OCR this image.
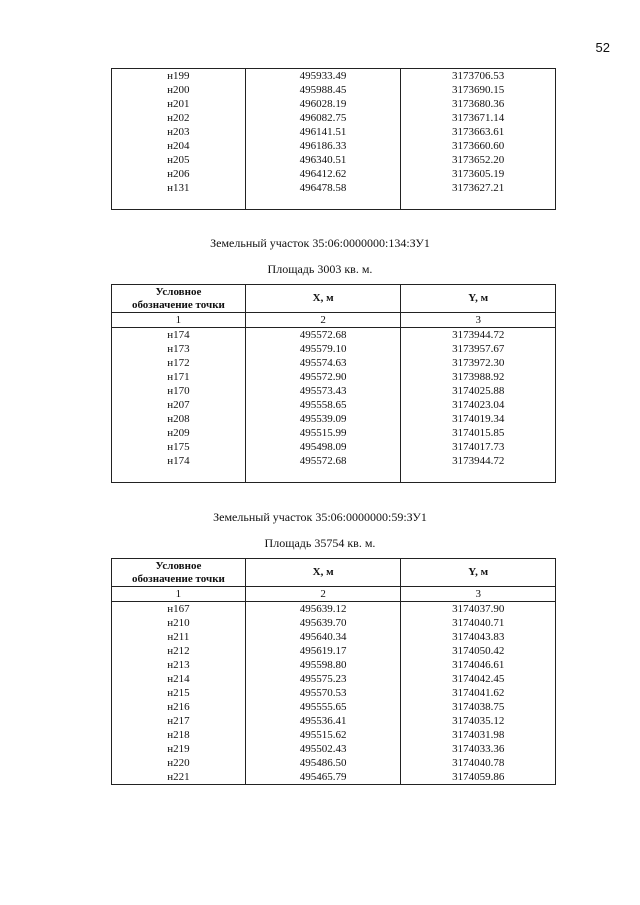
52
н199	495933.49	3173706.53
н200	495988.45	3173690.15
н201	496028.19	3173680.36
н202	496082.75	3173671.14
н203	496141.51	3173663.61
н204	496186.33	3173660.60
н205	496340.51	3173652.20
н206	496412.62	3173605.19
н131	496478.58	3173627.21

Земельный участок 35:06:0000000:134:ЗУ1
Площадь 3003 кв. м.
Условное обозначение точки	X, м	Y, м
1	2	3
н174	495572.68	3173944.72
н173	495579.10	3173957.67
н172	495574.63	3173972.30
н171	495572.90	3173988.92
н170	495573.43	3174025.88
н207	495558.65	3174023.04
н208	495539.09	3174019.34
н209	495515.99	3174015.85
н175	495498.09	3174017.73
н174	495572.68	3173944.72

Земельный участок 35:06:0000000:59:ЗУ1
Площадь 35754 кв. м.
Условное обозначение точки	X, м	Y, м
1	2	3
н167	495639.12	3174037.90
н210	495639.70	3174040.71
н211	495640.34	3174043.83
н212	495619.17	3174050.42
н213	495598.80	3174046.61
н214	495575.23	3174042.45
н215	495570.53	3174041.62
н216	495555.65	3174038.75
н217	495536.41	3174035.12
н218	495515.62	3174031.98
н219	495502.43	3174033.36
н220	495486.50	3174040.78
н221	495465.79	3174059.86
